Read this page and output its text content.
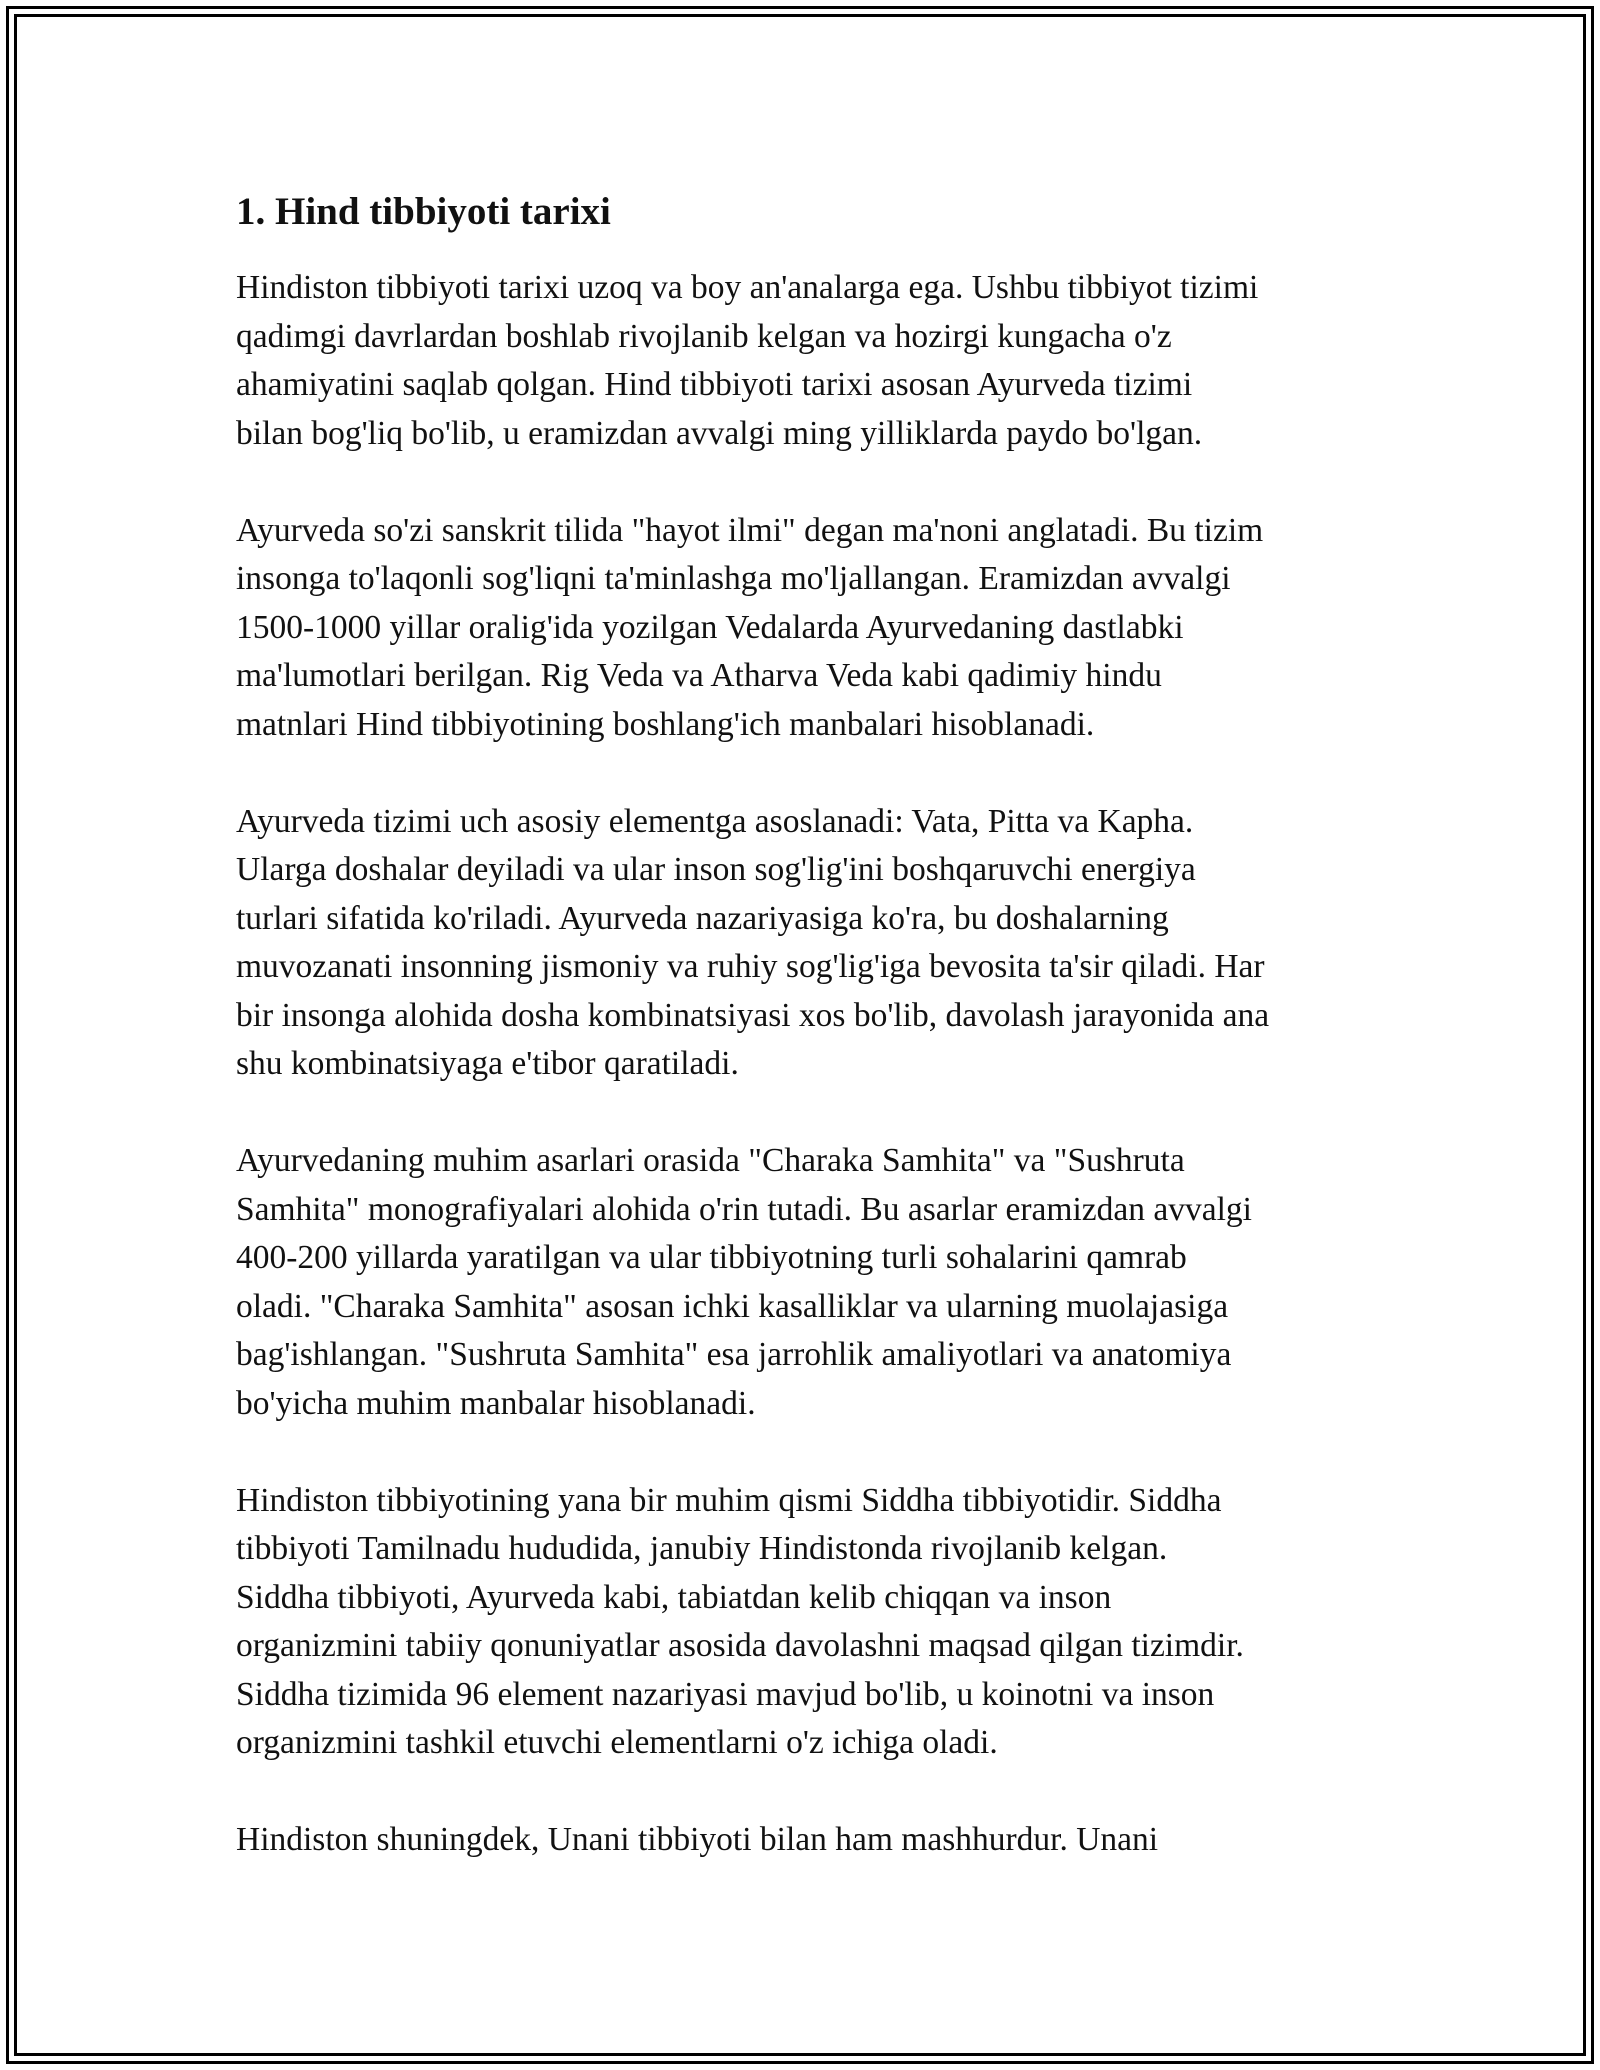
1. Hind tibbiyoti tarixi

Hindiston tibbiyoti tarixi uzoq va boy an'analarga ega. Ushbu tibbiyot tizimi
qadimgi davrlardan boshlab rivojlanib kelgan va hozirgi kungacha o'z
ahamiyatini saqlab qolgan. Hind tibbiyoti tarixi asosan Ayurveda tizimi
bilan bog'liq bo'lib, u eramizdan avvalgi ming yilliklarda paydo bo'lgan.

Ayurveda so'zi sanskrit tilida "hayot ilmi" degan ma'noni anglatadi. Bu tizim
insonga to'laqonli sog'liqni ta'minlashga mo'ljallangan. Eramizdan avvalgi
1500-1000 yillar oralig'ida yozilgan Vedalarda Ayurvedaning dastlabki
ma'lumotlari berilgan. Rig Veda va Atharva Veda kabi qadimiy hindu
matnlari Hind tibbiyotining boshlang'ich manbalari hisoblanadi.

Ayurveda tizimi uch asosiy elementga asoslanadi: Vata, Pitta va Kapha.
Ularga doshalar deyiladi va ular inson sog'lig'ini boshqaruvchi energiya
turlari sifatida ko'riladi. Ayurveda nazariyasiga ko'ra, bu doshalarning
muvozanati insonning jismoniy va ruhiy sog'lig'iga bevosita ta'sir qiladi. Har
bir insonga alohida dosha kombinatsiyasi xos bo'lib, davolash jarayonida ana
shu kombinatsiyaga e'tibor qaratiladi.

Ayurvedaning muhim asarlari orasida "Charaka Samhita" va "Sushruta
Samhita" monografiyalari alohida o'rin tutadi. Bu asarlar eramizdan avvalgi
400-200 yillarda yaratilgan va ular tibbiyotning turli sohalarini qamrab
oladi. "Charaka Samhita" asosan ichki kasalliklar va ularning muolajasiga
bag'ishlangan. "Sushruta Samhita" esa jarrohlik amaliyotlari va anatomiya
bo'yicha muhim manbalar hisoblanadi.

Hindiston tibbiyotining yana bir muhim qismi Siddha tibbiyotidir. Siddha
tibbiyoti Tamilnadu hududida, janubiy Hindistonda rivojlanib kelgan.
Siddha tibbiyoti, Ayurveda kabi, tabiatdan kelib chiqqan va inson
organizmini tabiiy qonuniyatlar asosida davolashni maqsad qilgan tizimdir.
Siddha tizimida 96 element nazariyasi mavjud bo'lib, u koinotni va inson
organizmini tashkil etuvchi elementlarni o'z ichiga oladi.

Hindiston shuningdek, Unani tibbiyoti bilan ham mashhurdur. Unani
